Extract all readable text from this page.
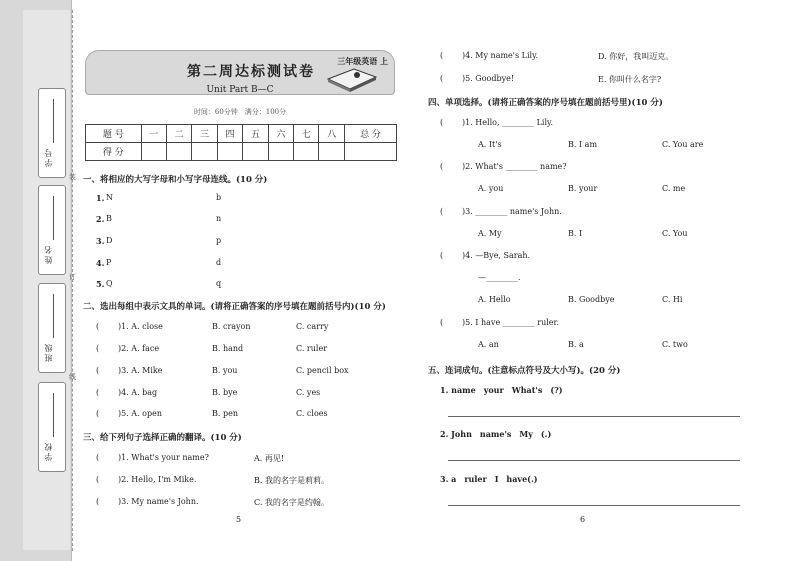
学号
姓名
班级
学校
装
订
线
第二周达标测试卷
三年级英语 上
Unit Part B—C
时间：60分钟　满分：100分
题 号	一	二	三	四	五	六	七	八	总 分
得 分									
一、将相应的大写字母和小写字母连线。(10 分)
1. N	b
2. B	n
3. D	p
4. P	d
5. Q	q
二、选出每组中表示文具的单词。(请将正确答案的序号填在题前括号内)(10 分)
( )1. A. close	B. crayon	C. carry
( )2. A. face	B. hand	C. ruler
( )3. A. Mike	B. you	C. pencil box
( )4. A. bag	B. bye	C. yes
( )5. A. open	B. pen	C. cloes
三、给下列句子选择正确的翻译。(10 分)
( )1. What's your name?	A. 再见!
( )2. Hello, I'm Mike.	B. 我的名字是莉莉。
( )3. My name's John.	C. 我的名字是约翰。
5
( )4. My name's Lily.	D. 你好，我叫迈克。
( )5. Goodbye!	E. 你叫什么名字?
四、单项选择。(请将正确答案的序号填在题前括号里)(10 分)
( )1. Hello, ________ Lily.
A. It's	B. I am	C. You are
( )2. What's ________ name?
A. you	B. your	C. me
( )3. ________ name's John.
A. My	B. I	C. You
( )4. —Bye, Sarah.
—________.
A. Hello	B. Goodbye	C. Hi
( )5. I have ________ ruler.
A. an	B. a	C. two
五、连词成句。(注意标点符号及大小写)。(20 分)
1. name　your　What's　(?)
2. John　name's　My　(.)
3. a　ruler　I　have(.)
6
